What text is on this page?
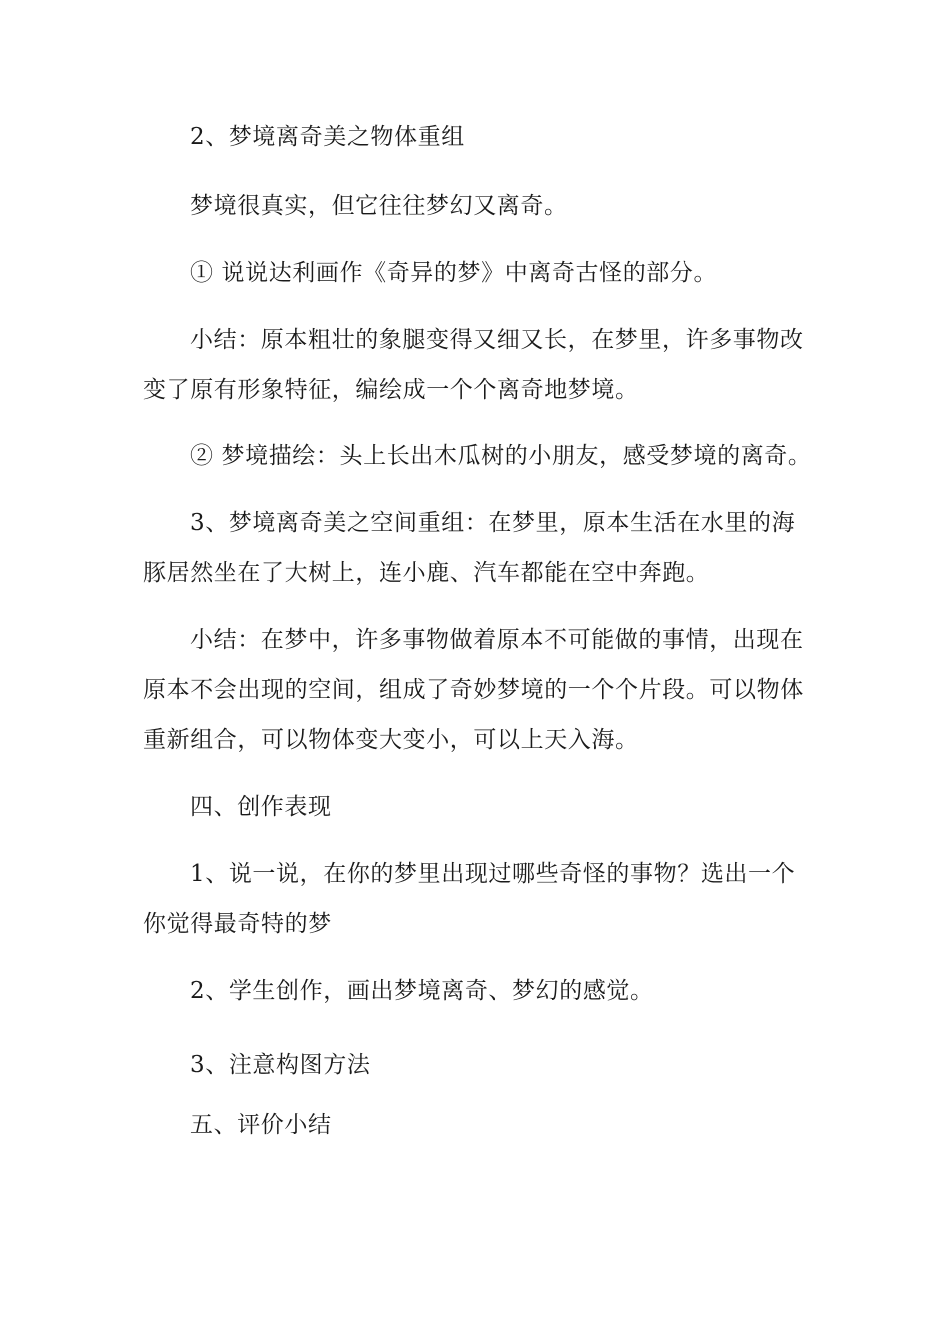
2、梦境离奇美之物体重组
梦境很真实，但它往往梦幻又离奇。
① 说说达利画作《奇异的梦》中离奇古怪的部分。
小结：原本粗壮的象腿变得又细又长，在梦里，许多事物改
变了原有形象特征，编绘成一个个离奇地梦境。
② 梦境描绘：头上长出木瓜树的小朋友，感受梦境的离奇。
3、梦境离奇美之空间重组：在梦里，原本生活在水里的海
豚居然坐在了大树上，连小鹿、汽车都能在空中奔跑。
小结：在梦中，许多事物做着原本不可能做的事情，出现在
原本不会出现的空间，组成了奇妙梦境的一个个片段。可以物体
重新组合，可以物体变大变小，可以上天入海。
四、创作表现
1、说一说，在你的梦里出现过哪些奇怪的事物？选出一个
你觉得最奇特的梦
2、学生创作，画出梦境离奇、梦幻的感觉。
3、注意构图方法
五、评价小结
